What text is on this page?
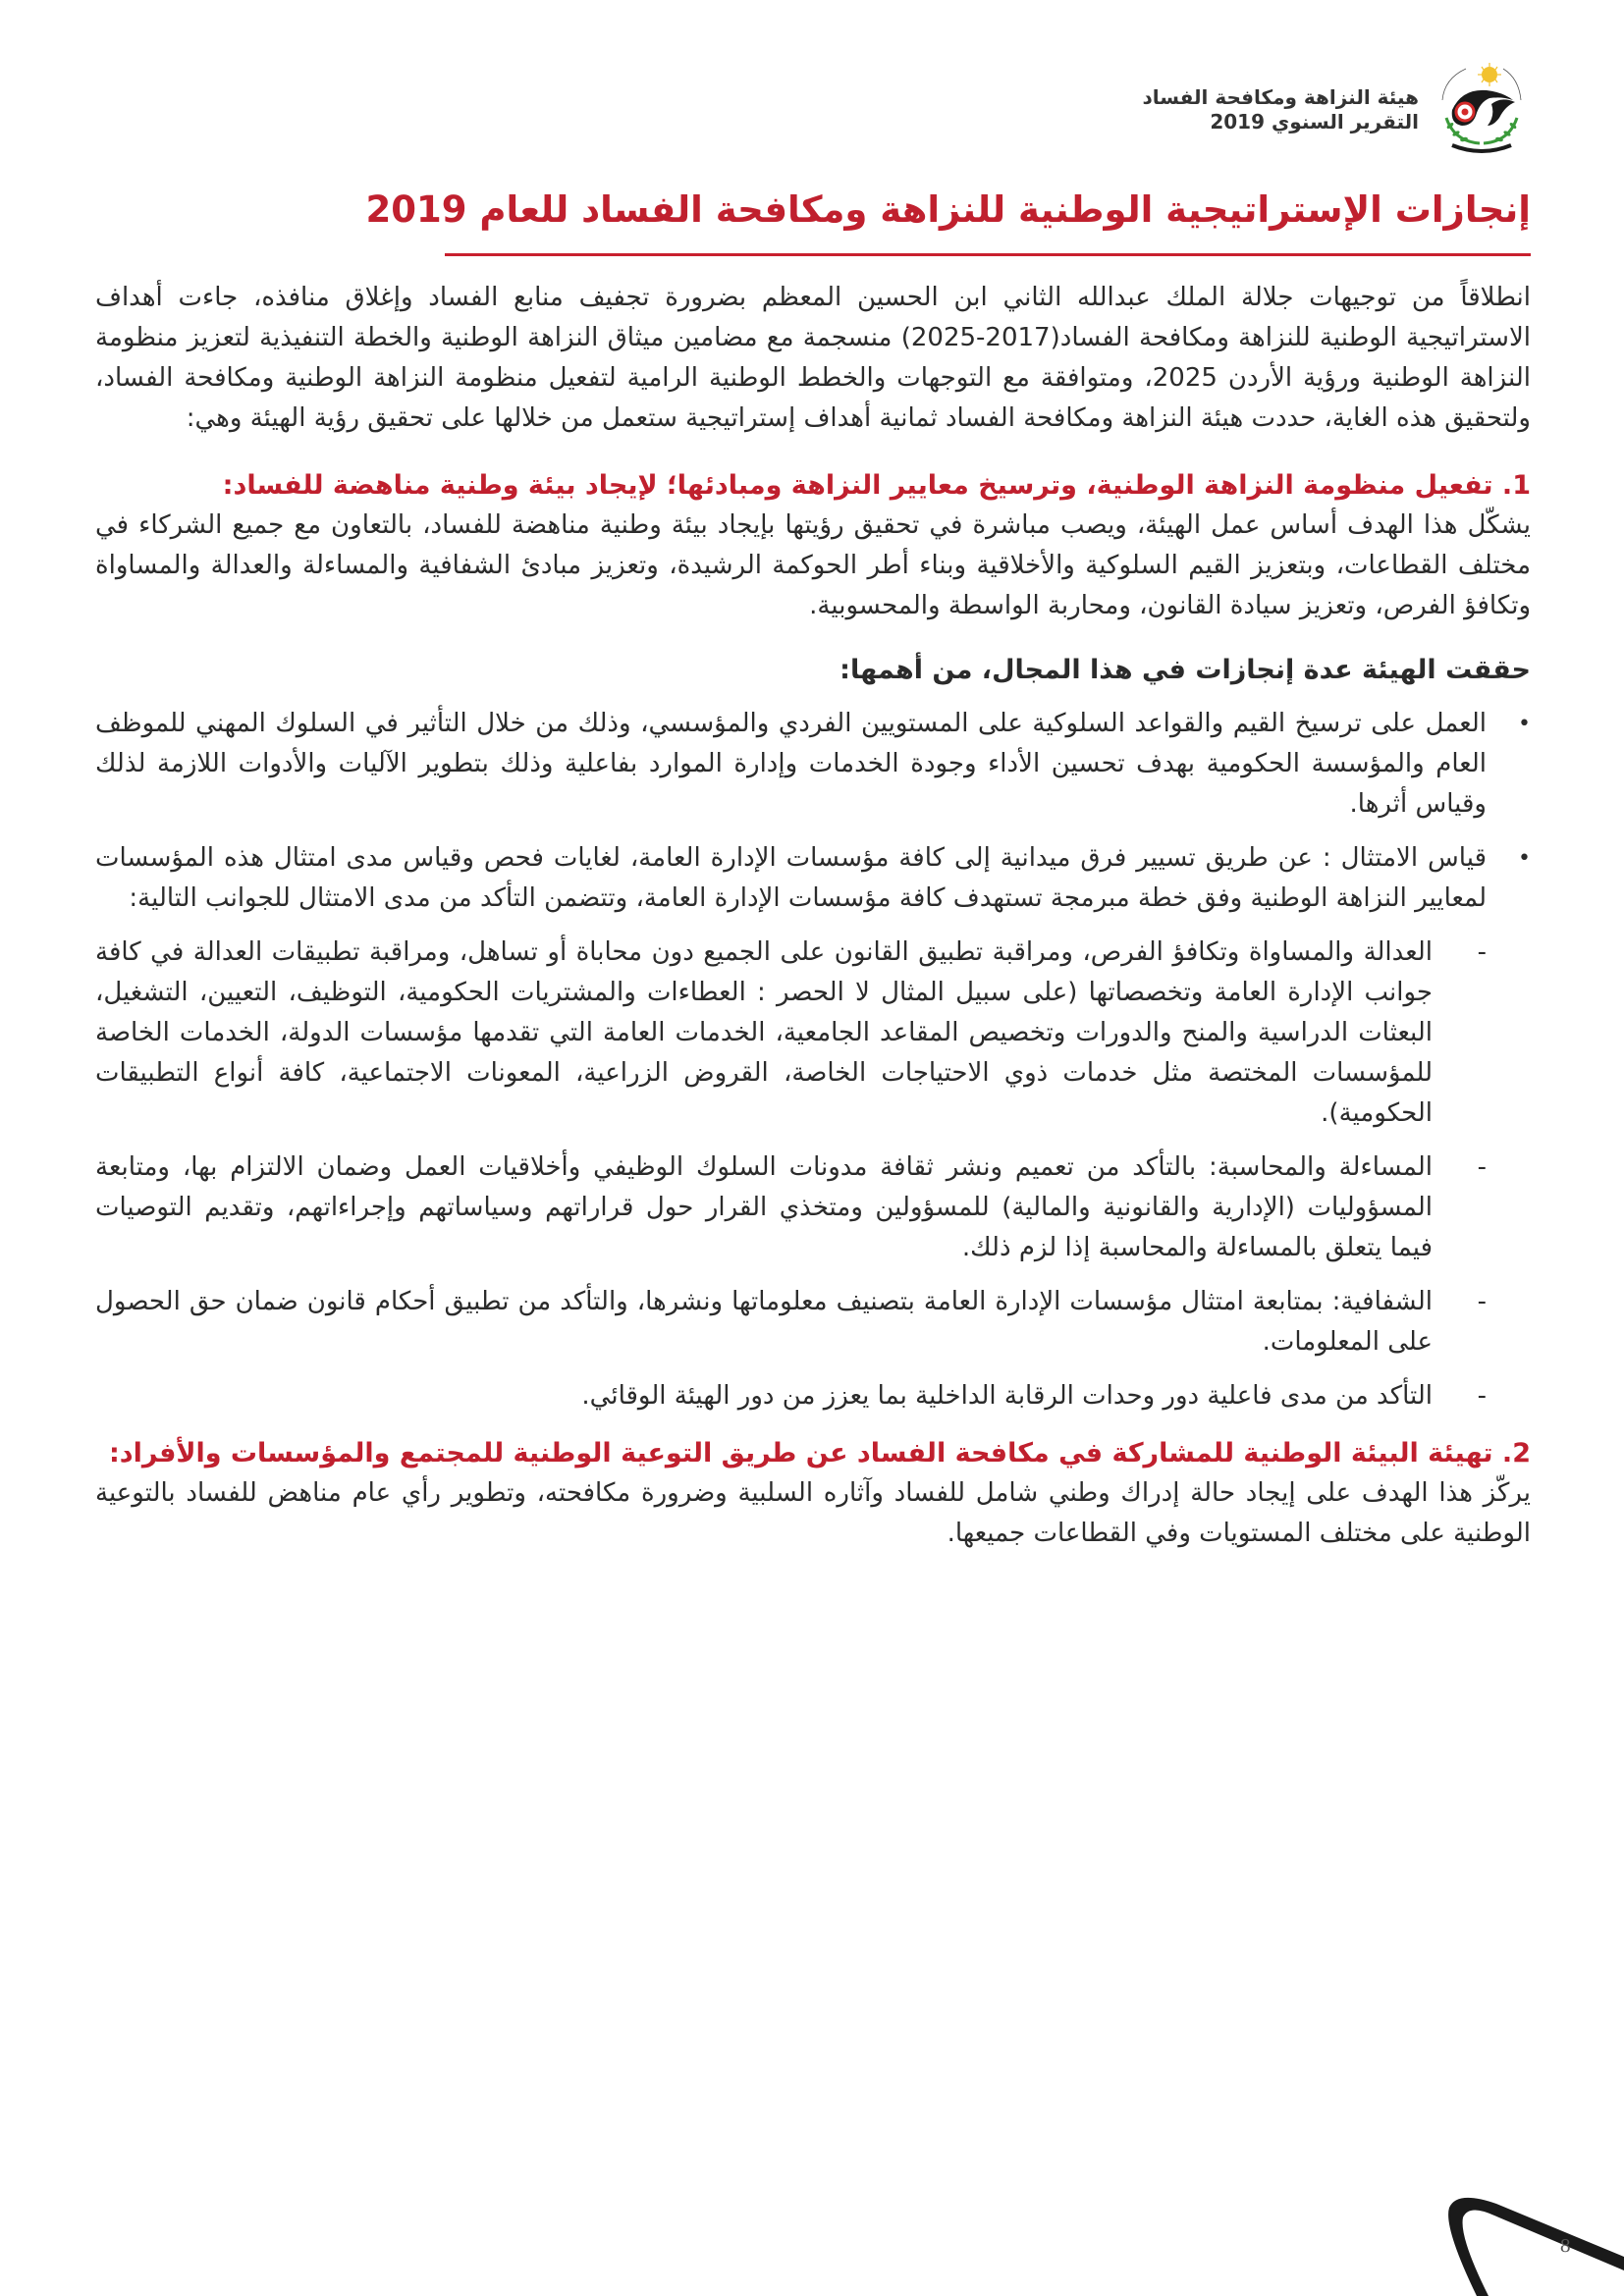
هيئة النزاهة ومكافحة الفساد
التقرير السنوي 2019
إنجازات الإستراتيجية الوطنية للنزاهة ومكافحة الفساد للعام 2019

انطلاقاً من توجيهات جلالة الملك عبدالله الثاني ابن الحسين المعظم بضرورة تجفيف منابع الفساد وإغلاق منافذه، جاءت أهداف الاستراتيجية الوطنية للنزاهة ومكافحة الفساد(2017-2025) منسجمة مع مضامين ميثاق النزاهة الوطنية والخطة التنفيذية لتعزيز منظومة النزاهة الوطنية ورؤية الأردن 2025، ومتوافقة مع التوجهات والخطط الوطنية الرامية لتفعيل منظومة النزاهة الوطنية ومكافحة الفساد، ولتحقيق هذه الغاية، حددت هيئة النزاهة ومكافحة الفساد ثمانية أهداف إستراتيجية ستعمل من خلالها على تحقيق رؤية الهيئة وهي:

1. تفعيل منظومة النزاهة الوطنية، وترسيخ معايير النزاهة ومبادئها؛ لإيجاد بيئة وطنية مناهضة للفساد:

يشكّل هذا الهدف أساس عمل الهيئة، ويصب مباشرة في تحقيق رؤيتها بإيجاد بيئة وطنية مناهضة للفساد، بالتعاون مع جميع الشركاء في مختلف القطاعات، وبتعزيز القيم السلوكية والأخلاقية وبناء أطر الحوكمة الرشيدة، وتعزيز مبادئ الشفافية والمساءلة والعدالة والمساواة وتكافؤ الفرص، وتعزيز سيادة القانون، ومحاربة الواسطة والمحسوبية.

حققت الهيئة عدة إنجازات في هذا المجال، من أهمها:

•
العمل على ترسيخ القيم والقواعد السلوكية على المستويين الفردي والمؤسسي، وذلك من خلال التأثير في السلوك المهني للموظف العام والمؤسسة الحكومية بهدف تحسين الأداء وجودة الخدمات وإدارة الموارد بفاعلية وذلك بتطوير الآليات والأدوات اللازمة لذلك وقياس أثرها.
•
قياس الامتثال : عن طريق تسيير فرق ميدانية إلى كافة مؤسسات الإدارة العامة، لغايات فحص وقياس مدى امتثال هذه المؤسسات لمعايير النزاهة الوطنية وفق خطة مبرمجة تستهدف كافة مؤسسات الإدارة العامة، وتتضمن التأكد من مدى الامتثال للجوانب التالية:
-
العدالة والمساواة وتكافؤ الفرص، ومراقبة تطبيق القانون على الجميع دون محاباة أو تساهل، ومراقبة تطبيقات العدالة في كافة جوانب الإدارة العامة وتخصصاتها (على سبيل المثال لا الحصر : العطاءات والمشتريات الحكومية، التوظيف، التعيين، التشغيل، البعثات الدراسية والمنح والدورات وتخصيص المقاعد الجامعية، الخدمات العامة التي تقدمها مؤسسات الدولة، الخدمات الخاصة للمؤسسات المختصة مثل خدمات ذوي الاحتياجات الخاصة، القروض الزراعية، المعونات الاجتماعية، كافة أنواع التطبيقات الحكومية).
-
المساءلة والمحاسبة: بالتأكد من تعميم ونشر ثقافة مدونات السلوك الوظيفي وأخلاقيات العمل وضمان الالتزام بها، ومتابعة المسؤوليات (الإدارية والقانونية والمالية) للمسؤولين ومتخذي القرار حول قراراتهم وسياساتهم وإجراءاتهم، وتقديم التوصيات فيما يتعلق بالمساءلة والمحاسبة إذا لزم ذلك.
-
الشفافية: بمتابعة امتثال مؤسسات الإدارة العامة بتصنيف معلوماتها ونشرها، والتأكد من تطبيق أحكام قانون ضمان حق الحصول على المعلومات.
-
التأكد من مدى فاعلية دور وحدات الرقابة الداخلية بما يعزز من دور الهيئة الوقائي.

2. تهيئة البيئة الوطنية للمشاركة في مكافحة الفساد عن طريق التوعية الوطنية للمجتمع والمؤسسات والأفراد:

يركّز هذا الهدف على إيجاد حالة إدراك وطني شامل للفساد وآثاره السلبية وضرورة مكافحته، وتطوير رأي عام مناهض للفساد بالتوعية الوطنية على مختلف المستويات وفي القطاعات جميعها.

8
